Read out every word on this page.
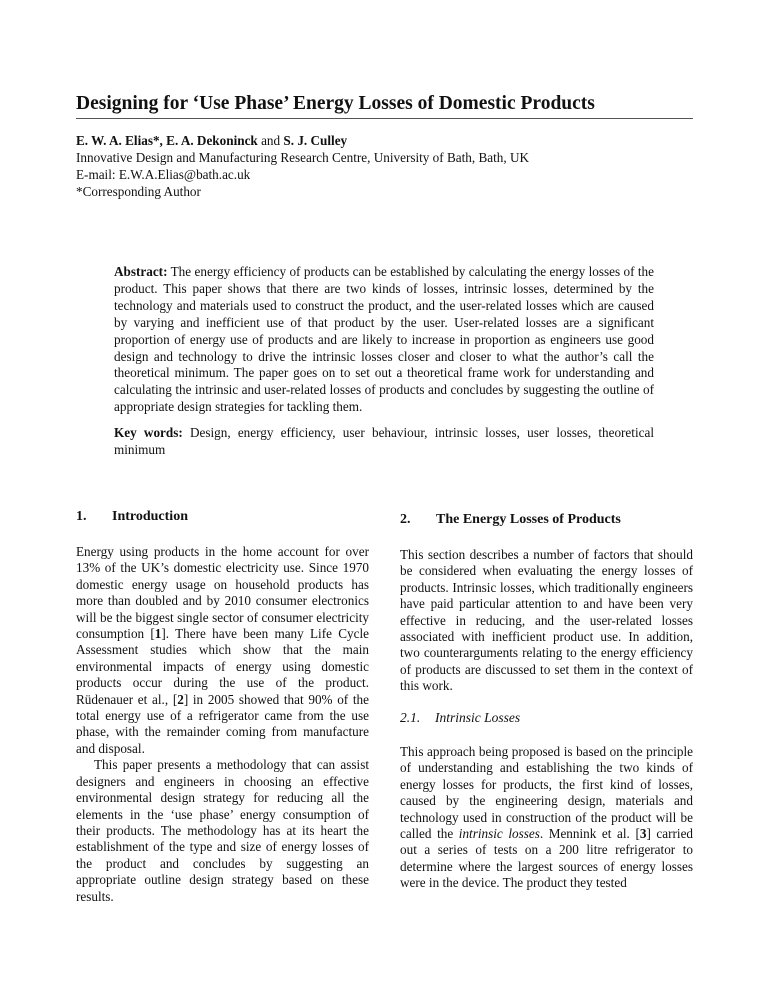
Designing for ‘Use Phase’ Energy Losses of Domestic Products
E. W. A. Elias*, E. A. Dekoninck and S. J. Culley
Innovative Design and Manufacturing Research Centre, University of Bath, Bath, UK
E-mail: E.W.A.Elias@bath.ac.uk
*Corresponding Author
Abstract: The energy efficiency of products can be established by calculating the energy losses of the product. This paper shows that there are two kinds of losses, intrinsic losses, determined by the technology and materials used to construct the product, and the user-related losses which are caused by varying and inefficient use of that product by the user. User-related losses are a significant proportion of energy use of products and are likely to increase in proportion as engineers use good design and technology to drive the intrinsic losses closer and closer to what the author’s call the theoretical minimum. The paper goes on to set out a theoretical frame work for understanding and calculating the intrinsic and user-related losses of products and concludes by suggesting the outline of appropriate design strategies for tackling them.
Key words: Design, energy efficiency, user behaviour, intrinsic losses, user losses, theoretical minimum
1. Introduction

Energy using products in the home account for over 13% of the UK’s domestic electricity use. Since 1970 domestic energy usage on household products has more than doubled and by 2010 consumer electronics will be the biggest single sector of consumer electricity consumption [1]. There have been many Life Cycle Assessment studies which show that the main environmental impacts of energy using domestic products occur during the use of the product. Rüdenauer et al., [2] in 2005 showed that 90% of the total energy use of a refrigerator came from the use phase, with the remainder coming from manufacture and disposal.

This paper presents a methodology that can assist designers and engineers in choosing an effective environmental design strategy for reducing all the elements in the ‘use phase’ energy consumption of their products. The methodology has at its heart the establishment of the type and size of energy losses of the product and concludes by suggesting an appropriate outline design strategy based on these results.

2. The Energy Losses of Products

This section describes a number of factors that should be considered when evaluating the energy losses of products. Intrinsic losses, which traditionally engineers have paid particular attention to and have been very effective in reducing, and the user-related losses associated with inefficient product use. In addition, two counterarguments relating to the energy efficiency of products are discussed to set them in the context of this work.

2.1. Intrinsic Losses

This approach being proposed is based on the principle of understanding and establishing the two kinds of energy losses for products, the first kind of losses, caused by the engineering design, materials and technology used in construction of the product will be called the intrinsic losses. Mennink et al. [3] carried out a series of tests on a 200 litre refrigerator to determine where the largest sources of energy losses were in the device. The product they tested
